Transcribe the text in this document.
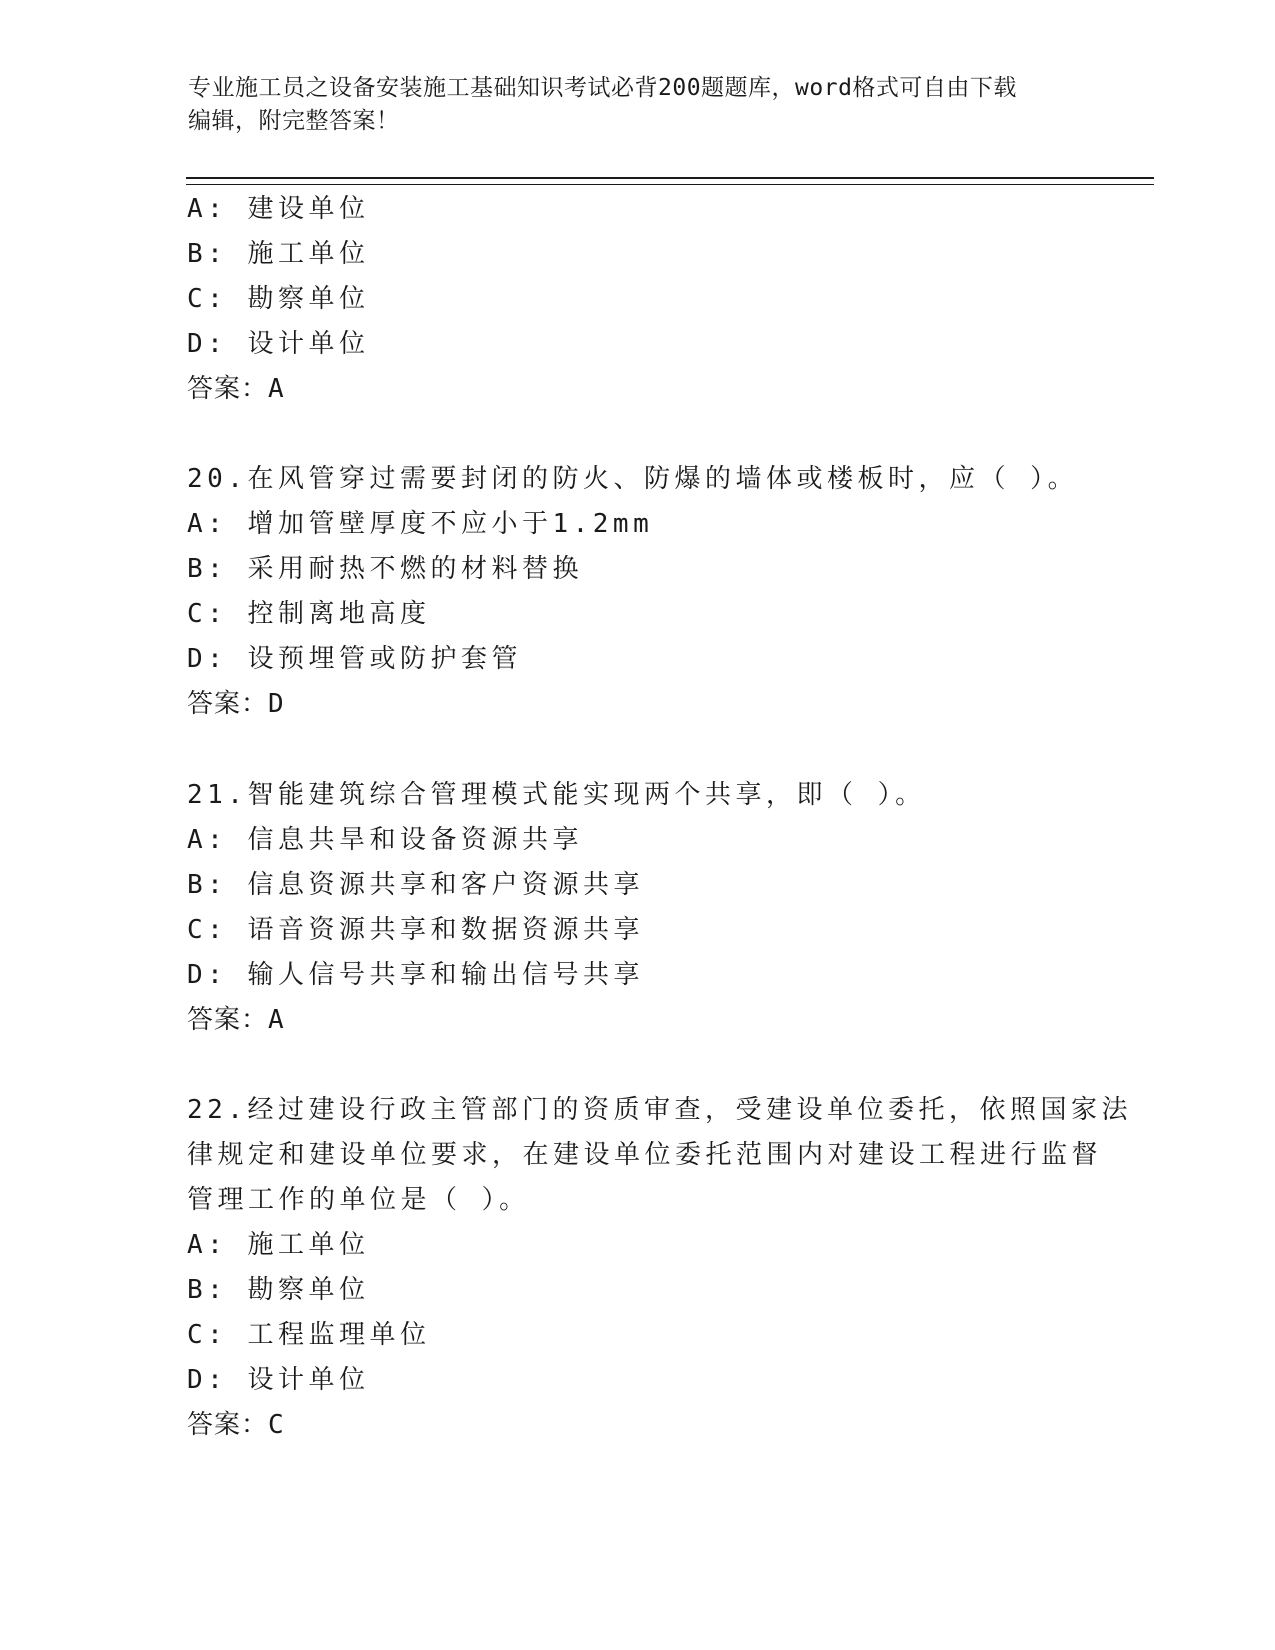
专业施工员之设备安装施工基础知识考试必背200题题库，word格式可自由下载
编辑，附完整答案！
A: 建设单位
B: 施工单位
C: 勘察单位
D: 设计单位
答案：A
20.在风管穿过需要封闭的防火、防爆的墙体或楼板时，应（ ）。
A: 增加管壁厚度不应小于1.2mm
B: 采用耐热不燃的材料替换
C: 控制离地高度
D: 设预埋管或防护套管
答案：D
21.智能建筑综合管理模式能实现两个共享，即（ ）。
A: 信息共旱和设备资源共享
B: 信息资源共享和客户资源共享
C: 语音资源共享和数据资源共享
D: 输人信号共享和输出信号共享
答案：A
22.经过建设行政主管部门的资质审查，受建设单位委托，依照国家法
律规定和建设单位要求，在建设单位委托范围内对建设工程进行监督
管理工作的单位是（ ）。
A: 施工单位
B: 勘察单位
C: 工程监理单位
D: 设计单位
答案：C
